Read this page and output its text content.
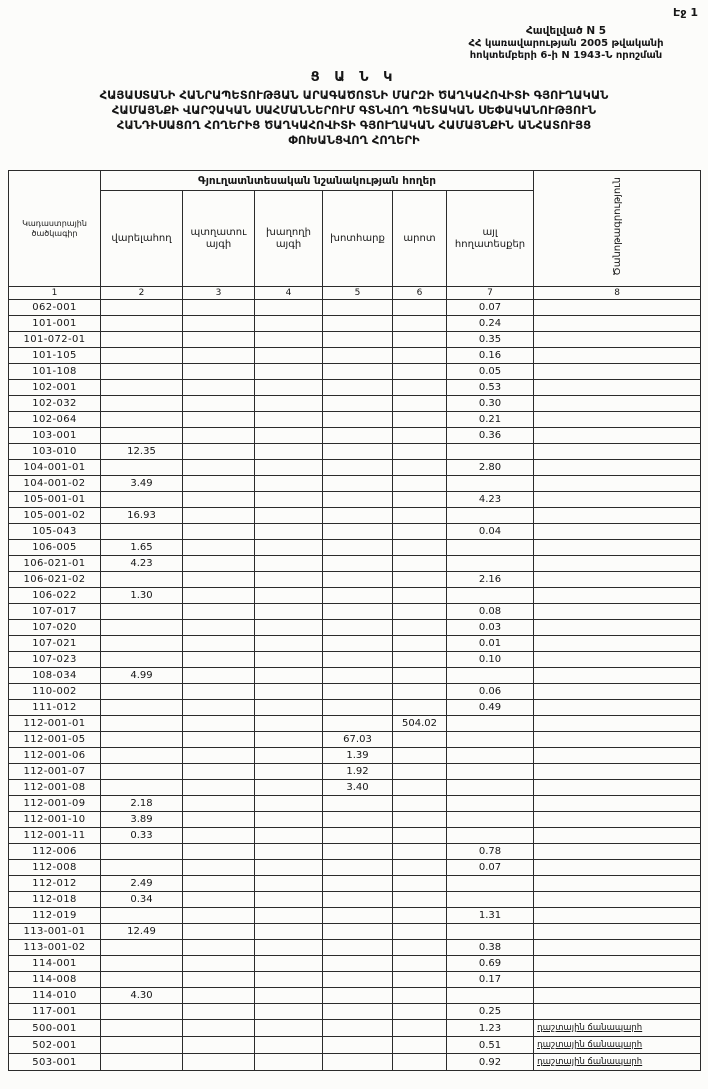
Էջ 1
Հավելված N 5
ՀՀ կառավարության 2005 թվականի
հոկտեմբերի 6-ի N 1943-Ն որոշման
Ց Ա Ն Կ
ՀԱՅԱՍՏԱՆԻ ՀԱՆՐԱՊԵՏՈՒԹՅԱՆ ԱՐԱԳԱԾՈՏՆԻ ՄԱՐԶԻ ԾԱՂԿԱՀՈՎԻՏԻ ԳՅՈՒՂԱԿԱՆ
ՀԱՄԱՅՆՔԻ ՎԱՐՉԱԿԱՆ ՍԱՀՄԱՆՆԵՐՈՒՄ ԳՏՆՎՈՂ ՊԵՏԱԿԱՆ ՍԵՓԱԿԱՆՈՒԹՅՈՒՆ
ՀԱՆԴԻՍԱՑՈՂ ՀՈՂԵՐԻՑ ԾԱՂԿԱՀՈՎԻՏԻ ԳՅՈՒՂԱԿԱՆ ՀԱՄԱՅՆՔԻՆ ԱՆՀԱՏՈՒՅՑ
ՓՈԽԱՆՑՎՈՂ ՀՈՂԵՐԻ
Կադաստրային ծածկագիր	Գյուղատնտեսական նշանակության հողեր						Ծանոթագրություն
	վարելահող	պտղատու այգի	խաղողի այգի	խոտհարք	արոտ	այլ հողատեսքեր	
1	2	3	4	5	6	7	8
062-001						0.07	
101-001						0.24	
101-072-01						0.35	
101-105						0.16	
101-108						0.05	
102-001						0.53	
102-032						0.30	
102-064						0.21	
103-001						0.36	
103-010	12.35						
104-001-01						2.80	
104-001-02	3.49						
105-001-01						4.23	
105-001-02	16.93						
105-043						0.04	
106-005	1.65						
106-021-01	4.23						
106-021-02						2.16	
106-022	1.30						
107-017						0.08	
107-020						0.03	
107-021						0.01	
107-023						0.10	
108-034	4.99						
110-002						0.06	
111-012						0.49	
112-001-01					504.02		
112-001-05				67.03			
112-001-06				1.39			
112-001-07				1.92			
112-001-08				3.40			
112-001-09	2.18						
112-001-10	3.89						
112-001-11	0.33						
112-006						0.78	
112-008						0.07	
112-012	2.49						
112-018	0.34						
112-019						1.31	
113-001-01	12.49						
113-001-02						0.38	
114-001						0.69	
114-008						0.17	
114-010	4.30						
117-001						0.25	
500-001						1.23	դաշտային ճանապարհ
502-001						0.51	դաշտային ճանապարհ
503-001						0.92	դաշտային ճանապարհ
